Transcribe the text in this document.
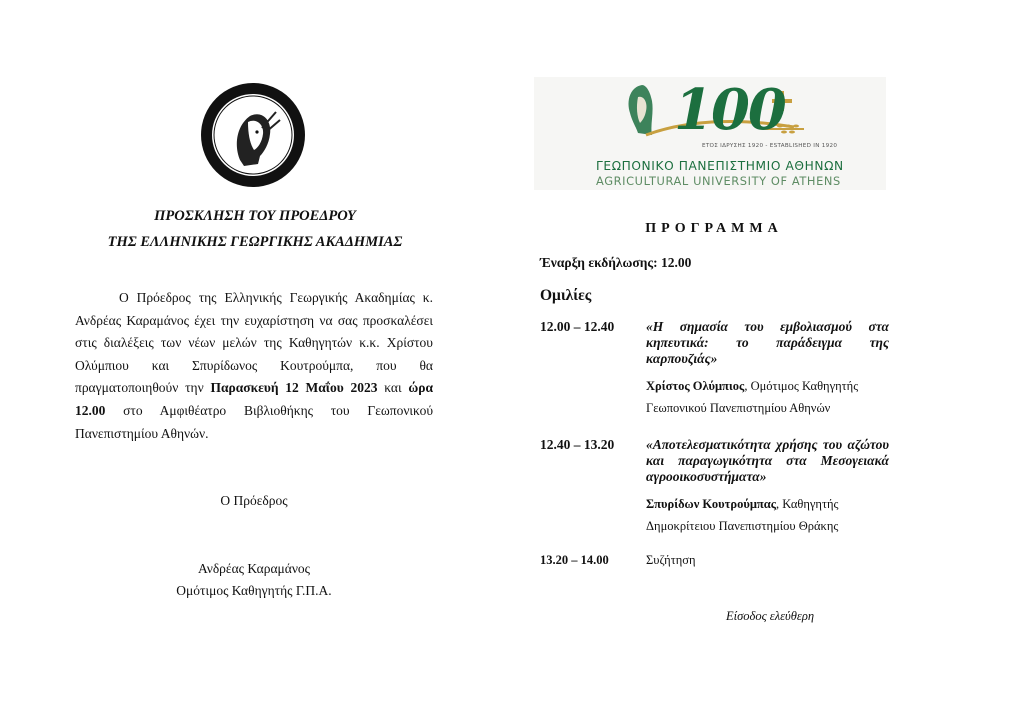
ΠΡΟΣΚΛΗΣΗ ΤΟΥ ΠΡΟΕΔΡΟΥ
ΤΗΣ ΕΛΛΗΝΙΚΗΣ ΓΕΩΡΓΙΚΗΣ ΑΚΑΔΗΜΙΑΣ
Ο Πρόεδρος της Ελληνικής Γεωργικής Ακαδημίας κ. Ανδρέας Καραμάνος έχει την ευχαρίστηση να σας προσκαλέσει στις διαλέξεις των νέων μελών της Καθηγητών κ.κ. Χρίστου Ολύμπιου και Σπυρίδωνος Κουτρούμπα, που θα πραγματοποιηθούν την Παρασκευή 12 Μαΐου 2023 και ώρα 12.00 στο Αμφιθέατρο Βιβλιοθήκης του Γεωπονικού Πανεπιστημίου Αθηνών.
Ο Πρόεδρος
Ανδρέας Καραμάνος
Ομότιμος Καθηγητής Γ.Π.Α.
100
ΕΤΟΣ ΙΔΡΥΣΗΣ 1920 - ESTABLISHED IN 1920
ΓΕΩΠΟΝΙΚΟ ΠΑΝΕΠΙΣΤΗΜΙΟ ΑΘΗΝΩΝ
AGRICULTURAL UNIVERSITY OF ATHENS
ΠΡΟΓΡΑΜΜΑ
Έναρξη εκδήλωσης: 12.00
Ομιλίες
12.00 – 12.40 «Η σημασία του εμβολιασμού στα κηπευτικά: το παράδειγμα της καρπουζιάς»
Χρίστος Ολύμπιος, Ομότιμος Καθηγητής
Γεωπονικού Πανεπιστημίου Αθηνών
12.40 – 13.20 «Αποτελεσματικότητα χρήσης του αζώτου και παραγωγικότητα στα Μεσογειακά αγροοικοσυστήματα»
Σπυρίδων Κουτρούμπας, Καθηγητής
Δημοκρίτειου Πανεπιστημίου Θράκης
13.20 – 14.00	Συζήτηση
Είσοδος ελεύθερη
